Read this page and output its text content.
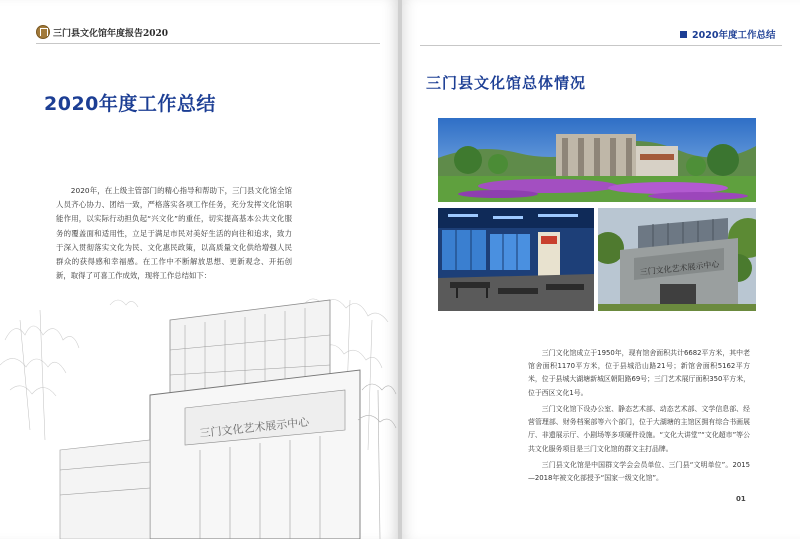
三门县文化馆年度报告2020
2020年度工作总结

2020年，在上级主管部门的精心指导和帮助下，三门县文化馆全馆人员齐心协力、团结一致，严格落实各项工作任务，充分发挥文化馆职能作用，以实际行动担负起“兴文化”的重任，切实提高基本公共文化服务的覆盖面和适用性，立足于满足市民对美好生活的向往和追求，致力于深入贯彻落实文化为民、文化惠民政策，以高质量文化供给增强人民群众的获得感和幸福感。在工作中不断解放思想、更新观念、开拓创新，取得了可喜工作成效，现将工作总结如下：

三门文化艺术展示中心
2020年度工作总结
三门县文化馆总体情况
三门文化艺术展示中心

三门文化馆成立于1950年，现有馆舍面积共计6682平方米，其中老馆舍面积1170平方米，位于县城沿山路21号；新馆舍面积5162平方米，位于县城大湖塘新城区朝阳路69号；三门艺术展厅面积350平方米，位于西区文化1号。

三门文化馆下设办公室、静态艺术部、动态艺术部、文学信息部、经营管理部、财务档案部等六个部门，位于大湖塘的主馆区拥有综合书画展厅、非遗展示厅、小剧场等多项硬件设施。“文化大讲堂”“文化超市”等公共文化服务项目是三门文化馆的群文主打品牌。

三门县文化馆是中国群文学会会员单位、三门县“文明单位”。2015—2018年被文化部授予“国家一级文化馆”。

01
